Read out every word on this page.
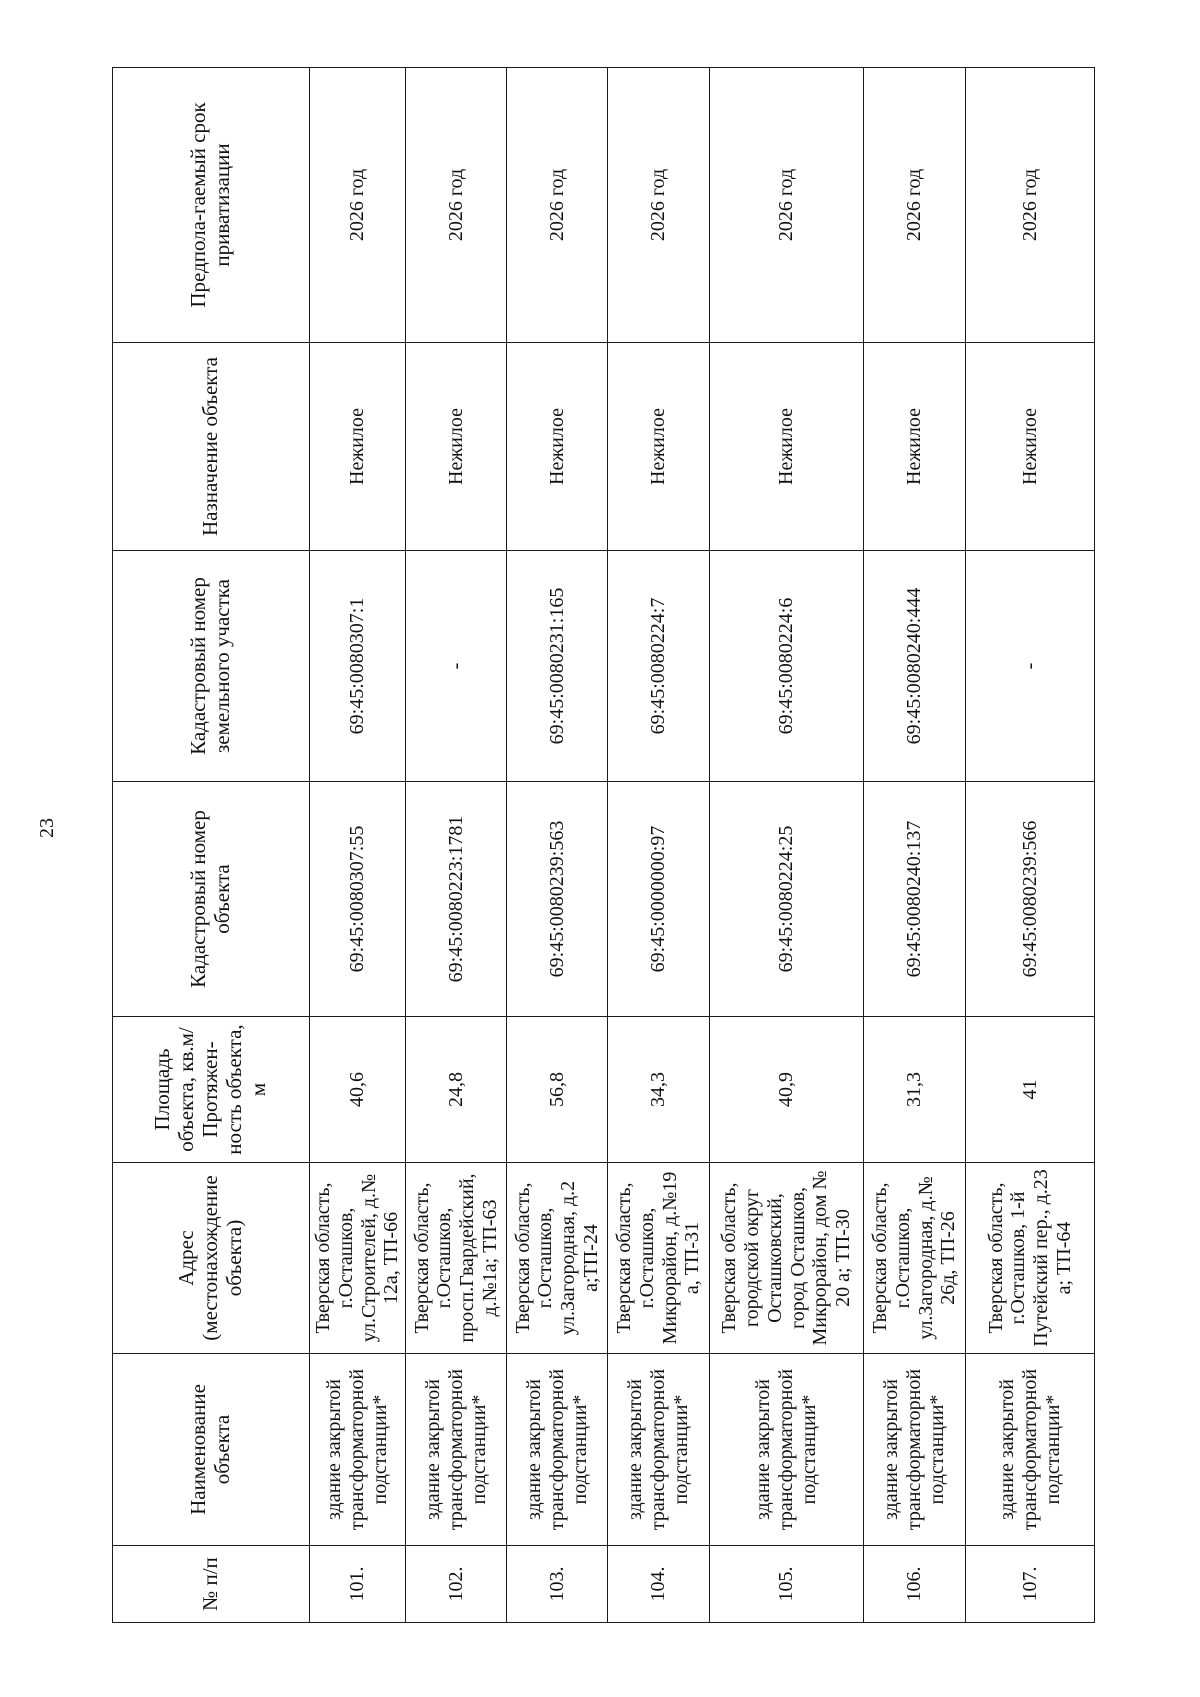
23
№ п/п	Наименование объекта	Адрес (местонахождение объекта)	Площадь объекта, кв.м/ Протяжен-ность объекта, м	Кадастровый номер объекта	Кадастровый номер земельного участка	Назначение объекта	Предпола-гаемый срок приватизации
101.	здание закрытой трансформаторной подстанции*	Тверская область, г.Осташков, ул.Строителей, д.№ 12а, ТП-66	40,6	69:45:0080307:55	69:45:0080307:1	Нежилое	2026 год
102.	здание закрытой трансформаторной подстанции*	Тверская область, г.Осташков, просп.Гвардейский, д.№1а; ТП-63	24,8	69:45:0080223:1781	-	Нежилое	2026 год
103.	здание закрытой трансформаторной подстанции*	Тверская область, г.Осташков, ул.Загородная, д.2 а;ТП-24	56,8	69:45:0080239:563	69:45:0080231:165	Нежилое	2026 год
104.	здание закрытой трансформаторной подстанции*	Тверская область, г.Осташков, Микрорайон, д.№19 а, ТП-31	34,3	69:45:0000000:97	69:45:0080224:7	Нежилое	2026 год
105.	здание закрытой трансформаторной подстанции*	Тверская область, городской округ Осташковский, город Осташков, Микрорайон, дом № 20 а; ТП-30	40,9	69:45:0080224:25	69:45:0080224:6	Нежилое	2026 год
106.	здание закрытой трансформаторной подстанции*	Тверская область, г.Осташков, ул.Загородная, д.№ 26д, ТП-26	31,3	69:45:0080240:137	69:45:0080240:444	Нежилое	2026 год
107.	здание закрытой трансформаторной подстанции*	Тверская область, г.Осташков, 1-й Путейский пер., д.23 а; ТП-64	41	69:45:0080239:566	-	Нежилое	2026 год
